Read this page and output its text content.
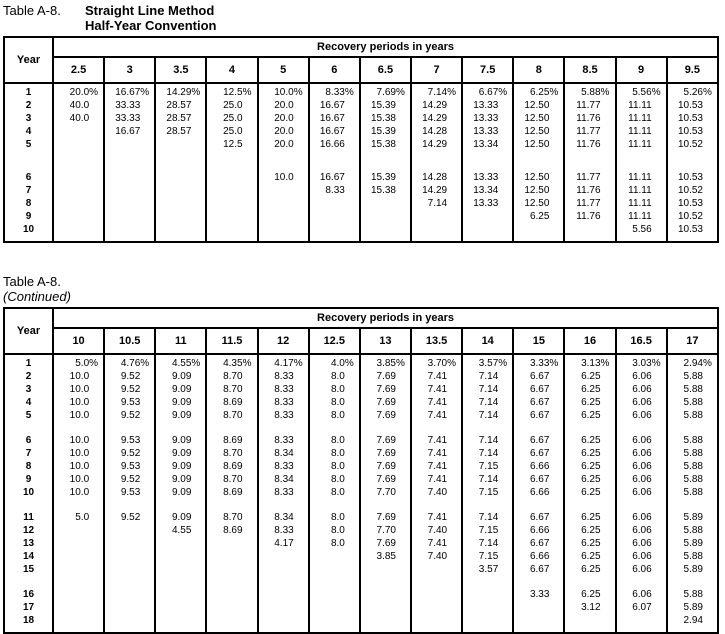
Table A-8.	Straight Line Method
Half-Year Convention
Year	Recovery periods in years												
	2.5	3	3.5	4	5	6	6.5	7	7.5	8	8.5	9	9.5
1	20.0%	16.67%	14.29%	12.5%	10.0%	8.33%	7.69%	7.14%	6.67%	6.25%	5.88%	5.56%	5.26%
2	40.0	33.33	28.57	25.0	20.0	16.67	15.39	14.29	13.33	12.50	11.77	11.11	10.53
3	40.0	33.33	28.57	25.0	20.0	16.67	15.38	14.29	13.33	12.50	11.76	11.11	10.53
4		16.67	28.57	25.0	20.0	16.67	15.39	14.28	13.33	12.50	11.77	11.11	10.53
5				12.5	20.0	16.66	15.38	14.29	13.34	12.50	11.76	11.11	10.52

6					10.0	16.67	15.39	14.28	13.33	12.50	11.77	11.11	10.53
7						8.33	15.38	14.29	13.34	12.50	11.76	11.11	10.52
8								7.14	13.33	12.50	11.77	11.11	10.53
9										6.25	11.76	11.11	10.52
10												5.56	10.53

Table A-8. (Continued)
Year	Recovery periods in years												
	10	10.5	11	11.5	12	12.5	13	13.5	14	15	16	16.5	17
1	5.0%	4.76%	4.55%	4.35%	4.17%	4.0%	3.85%	3.70%	3.57%	3.33%	3.13%	3.03%	2.94%
2	10.0	9.52	9.09	8.70	8.33	8.0	7.69	7.41	7.14	6.67	6.25	6.06	5.88
3	10.0	9.52	9.09	8.70	8.33	8.0	7.69	7.41	7.14	6.67	6.25	6.06	5.88
4	10.0	9.53	9.09	8.69	8.33	8.0	7.69	7.41	7.14	6.67	6.25	6.06	5.88
5	10.0	9.52	9.09	8.70	8.33	8.0	7.69	7.41	7.14	6.67	6.25	6.06	5.88

6	10.0	9.53	9.09	8.69	8.33	8.0	7.69	7.41	7.14	6.67	6.25	6.06	5.88
7	10.0	9.52	9.09	8.70	8.34	8.0	7.69	7.41	7.14	6.67	6.25	6.06	5.88
8	10.0	9.53	9.09	8.69	8.33	8.0	7.69	7.41	7.15	6.66	6.25	6.06	5.88
9	10.0	9.52	9.09	8.70	8.34	8.0	7.69	7.41	7.14	6.67	6.25	6.06	5.88
10	10.0	9.53	9.09	8.69	8.33	8.0	7.70	7.40	7.15	6.66	6.25	6.06	5.88

11	5.0	9.52	9.09	8.70	8.34	8.0	7.69	7.41	7.14	6.67	6.25	6.06	5.89
12			4.55	8.69	8.33	8.0	7.70	7.40	7.15	6.66	6.25	6.06	5.88
13					4.17	8.0	7.69	7.41	7.14	6.67	6.25	6.06	5.89
14							3.85	7.40	7.15	6.66	6.25	6.06	5.88
15									3.57	6.67	6.25	6.06	5.89

16										3.33	6.25	6.06	5.88
17											3.12	6.07	5.89
18													2.94
